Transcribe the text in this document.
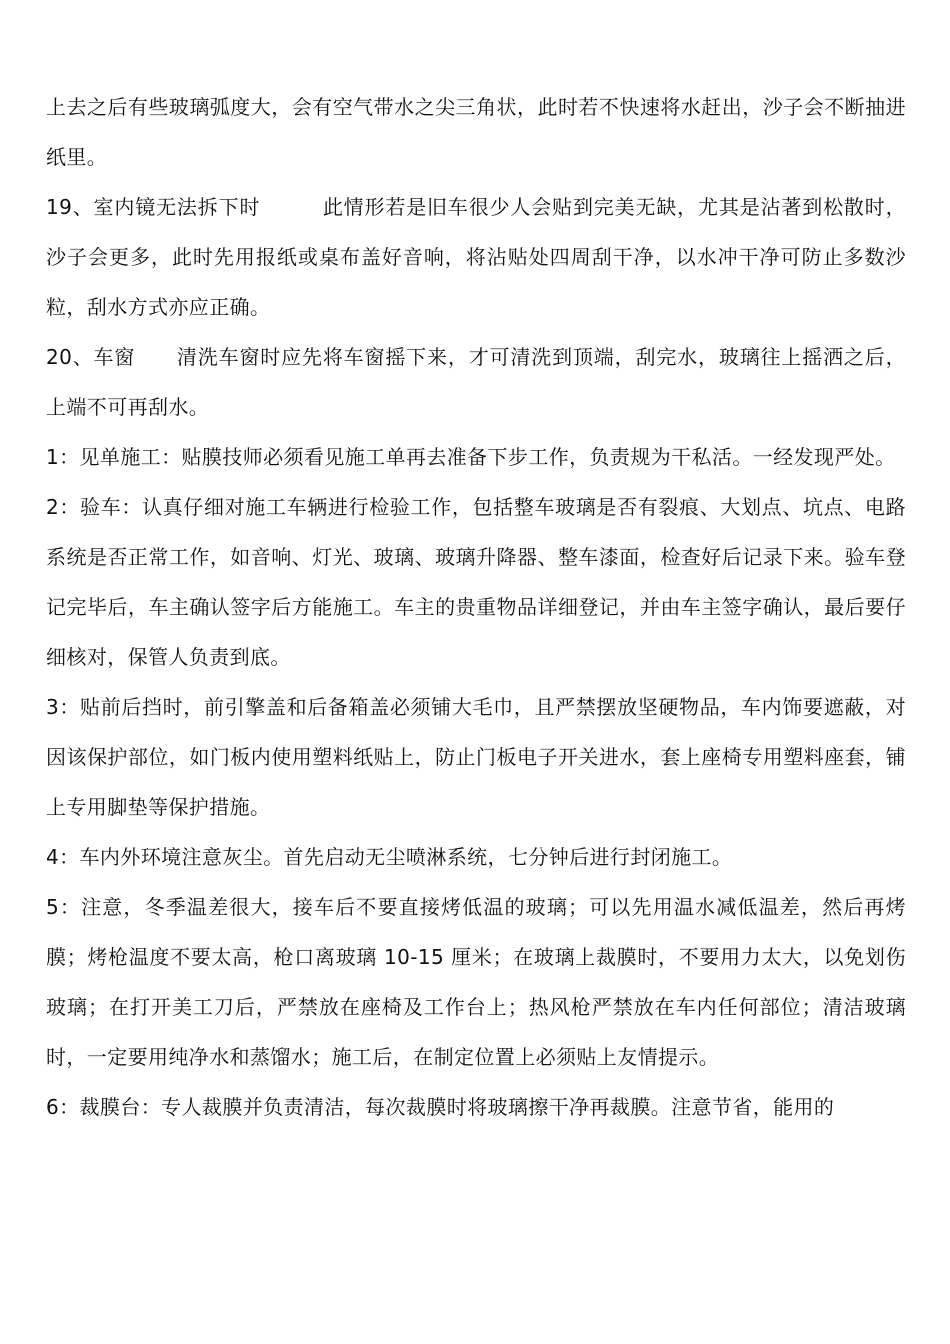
上去之后有些玻璃弧度大，会有空气带水之尖三角状，此时若不快速将水赶出，沙子会不断抽进纸里。

19、室内镜无法拆下时　　　此情形若是旧车很少人会贴到完美无缺，尤其是沾著到松散时，沙子会更多，此时先用报纸或桌布盖好音响，将沾贴处四周刮干净，以水冲干净可防止多数沙粒，刮水方式亦应正确。

20、车窗　　清洗车窗时应先将车窗摇下来，才可清洗到顶端，刮完水，玻璃往上摇洒之后，上端不可再刮水。

1：见单施工：贴膜技师必须看见施工单再去准备下步工作，负责规为干私活。一经发现严处。

2：验车：认真仔细对施工车辆进行检验工作，包括整车玻璃是否有裂痕、大划点、坑点、电路系统是否正常工作，如音响、灯光、玻璃、玻璃升降器、整车漆面，检查好后记录下来。验车登记完毕后，车主确认签字后方能施工。车主的贵重物品详细登记，并由车主签字确认，最后要仔细核对，保管人负责到底。

3：贴前后挡时，前引擎盖和后备箱盖必须铺大毛巾，且严禁摆放坚硬物品，车内饰要遮蔽，对因该保护部位，如门板内使用塑料纸贴上，防止门板电子开关进水，套上座椅专用塑料座套，铺上专用脚垫等保护措施。

4：车内外环境注意灰尘。首先启动无尘喷淋系统，七分钟后进行封闭施工。

5：注意，冬季温差很大，接车后不要直接烤低温的玻璃；可以先用温水减低温差，然后再烤膜；烤枪温度不要太高，枪口离玻璃 10-15 厘米；在玻璃上裁膜时，不要用力太大，以免划伤玻璃；在打开美工刀后，严禁放在座椅及工作台上；热风枪严禁放在车内任何部位；清洁玻璃时，一定要用纯净水和蒸馏水；施工后，在制定位置上必须贴上友情提示。

6：裁膜台：专人裁膜并负责清洁，每次裁膜时将玻璃擦干净再裁膜。注意节省，能用的
